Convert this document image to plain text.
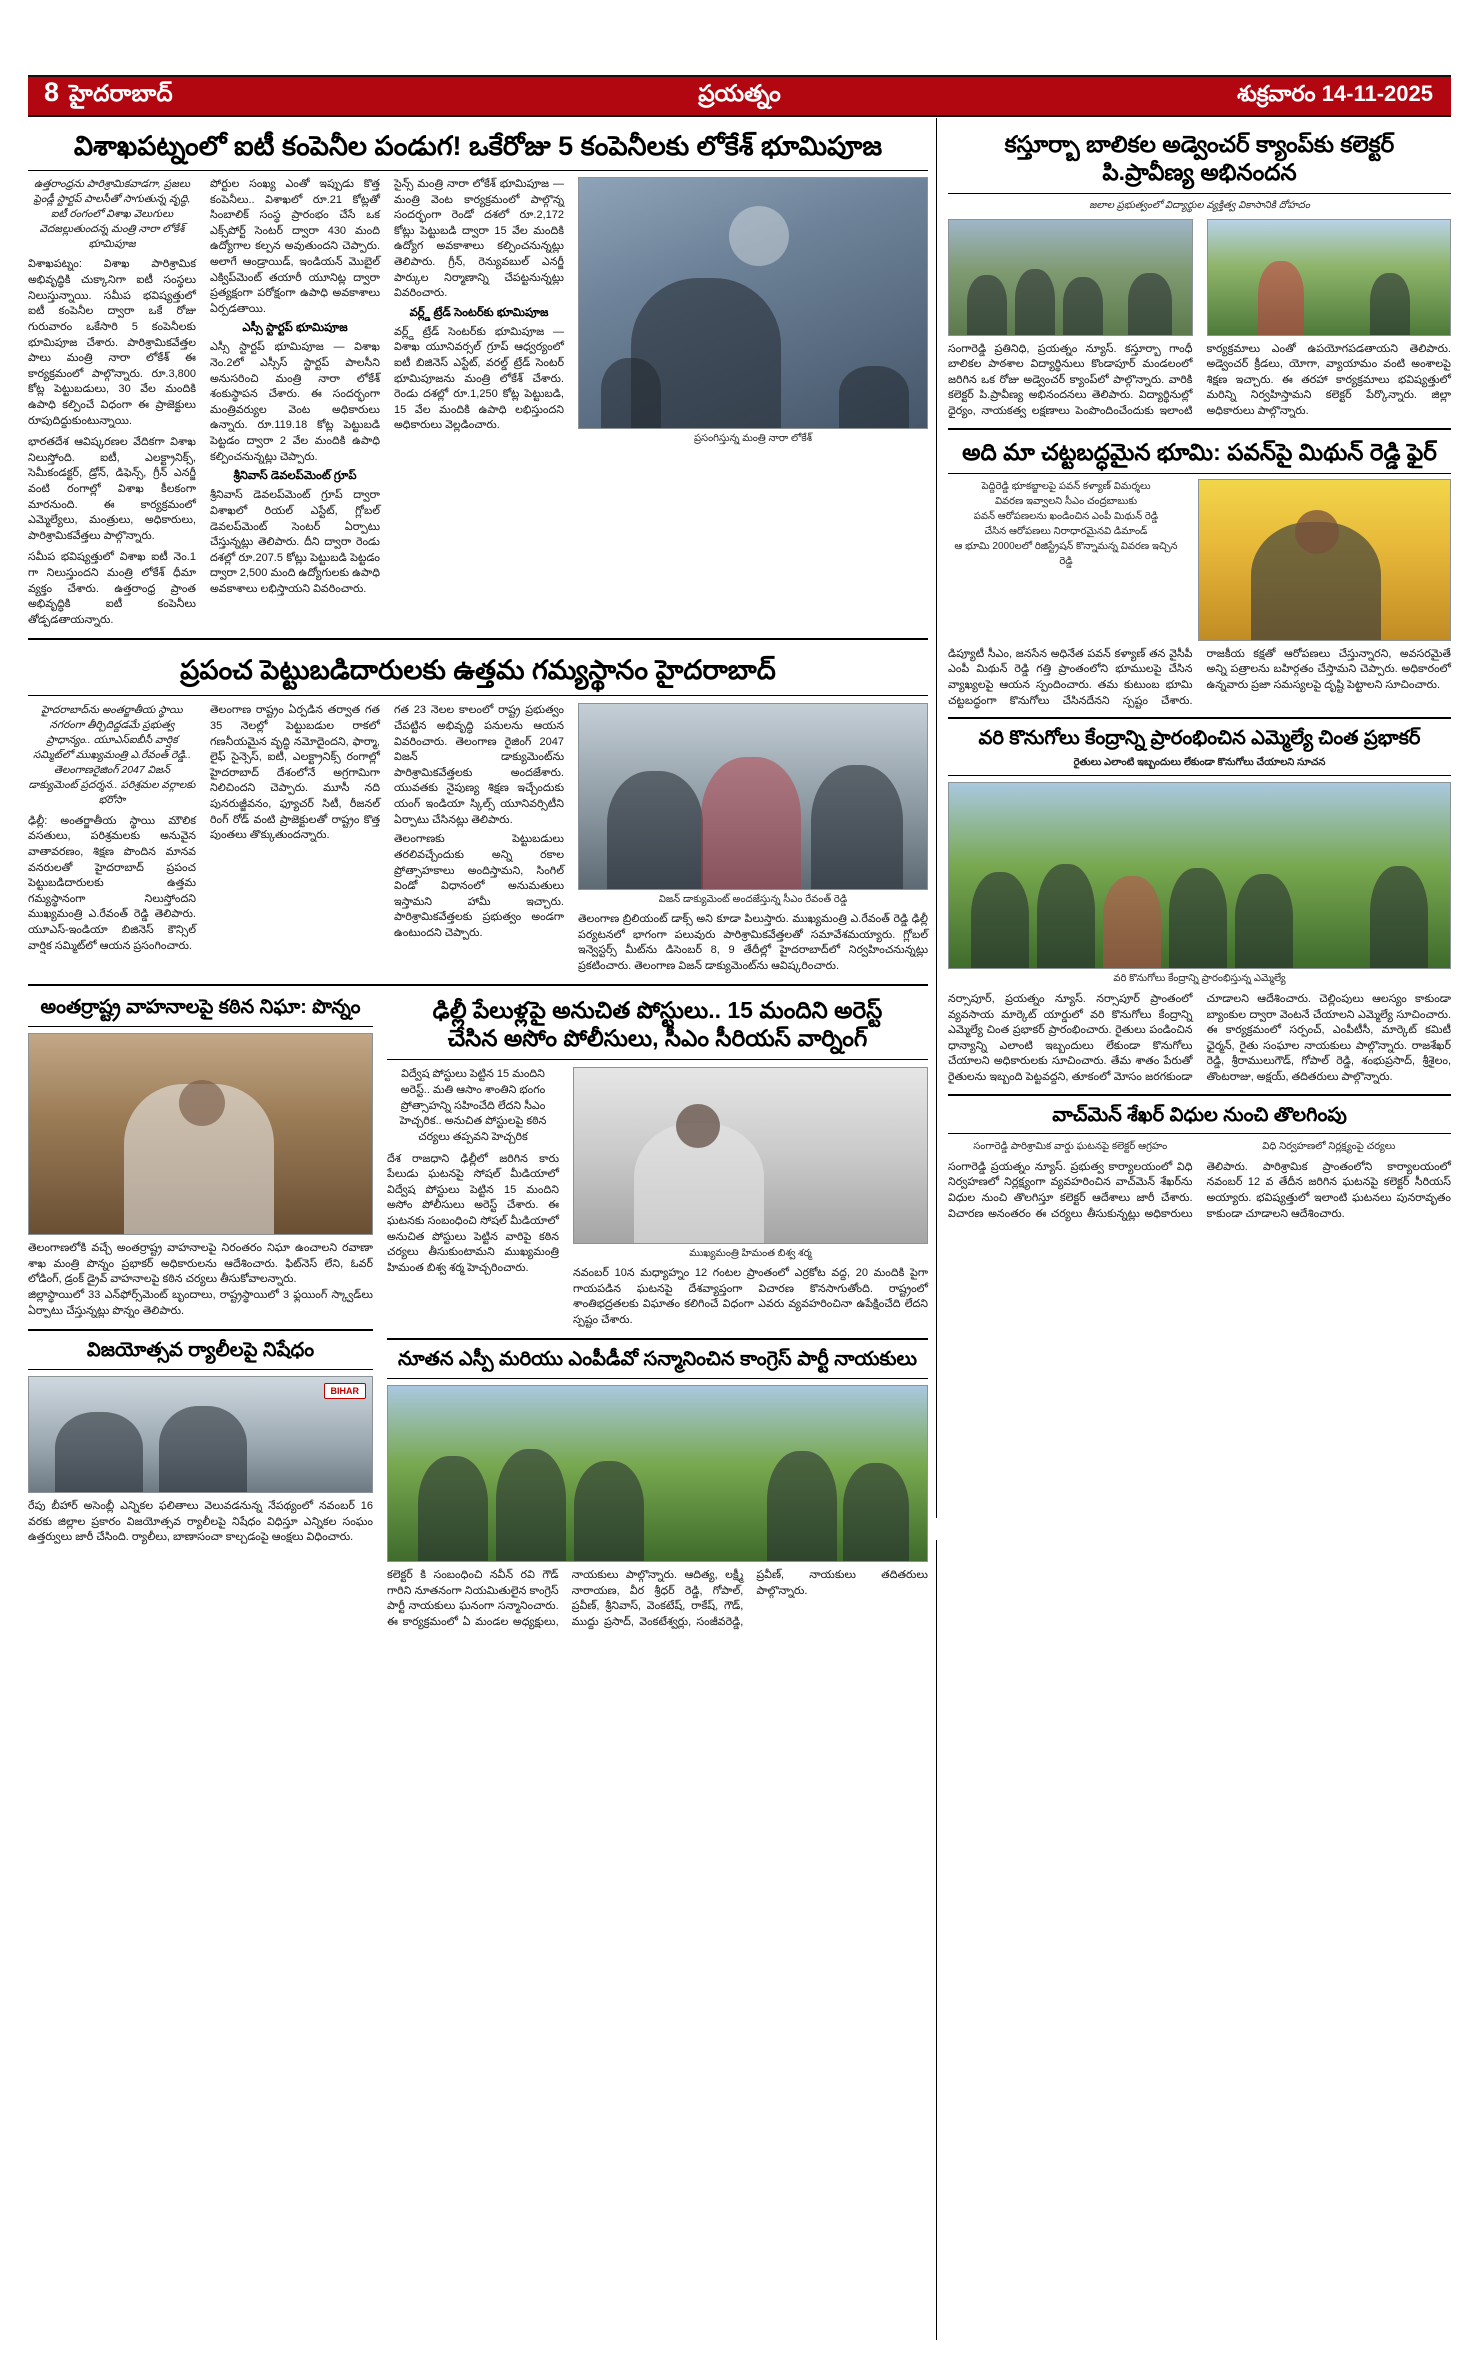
8 హైదరాబాద్	ప్రయత్నం	శుక్రవారం 14-11-2025
విశాఖపట్నంలో ఐటీ కంపెనీల పండుగ! ఒకేరోజు 5 కంపెనీలకు లోకేశ్ భూమిపూజ
ఉత్తరాంధ్రను పారిశ్రామికవాడగా, ప్రజలు ఫ్రెండ్లీ స్టార్టప్‌ పాలసీతో సాగుతున్న వృద్ధి, ఐటీ రంగంలో విశాఖ వెలుగులు వెదజల్లుతుందన్న మంత్రి నారా లోకేశ్ భూమిపూజ
విశాఖపట్నం: విశాఖ పారిశ్రామిక అభివృద్ధికి చుక్కానిగా ఐటీ సంస్థలు నిలుస్తున్నాయి. సమీప భవిష్యత్తులో ఐటీ కంపెనీల ద్వారా ఒకే రోజు గురువారం ఒకేసారి 5 కంపెనీలకు భూమిపూజ చేశారు. పారిశ్రామికవేత్తల పాలు మంత్రి నారా లోకేశ్ ఈ కార్యక్రమంలో పాల్గొన్నారు. రూ.3,800 కోట్ల పెట్టుబడులు, 30 వేల మందికి ఉపాధి కల్పించే విధంగా ఈ ప్రాజెక్టులు రూపుదిద్దుకుంటున్నాయి.
భారతదేశ ఆవిష్కరణల వేదికగా విశాఖ నిలుస్తోంది. ఐటీ, ఎలక్ట్రానిక్స్, సెమీకండక్టర్, డ్రోన్, డిఫెన్స్, గ్రీన్ ఎనర్జీ వంటి రంగాల్లో విశాఖ కీలకంగా మారనుంది. ఈ కార్యక్రమంలో ఎమ్మెల్యేలు, మంత్రులు, అధికారులు, పారిశ్రామికవేత్తలు పాల్గొన్నారు.
సమీప భవిష్యత్తులో విశాఖ ఐటీ నెం.1 గా నిలుస్తుందని మంత్రి లోకేశ్ ధీమా వ్యక్తం చేశారు. ఉత్తరాంధ్ర ప్రాంత అభివృద్ధికి ఐటీ కంపెనీలు తోడ్పడతాయన్నారు.
పోర్టుల సంఖ్య ఎంతో ఇప్పుడు కొత్త కంపెనీలు.. విశాఖలో రూ.21 కోట్లతో సింబాలిక్ సంస్థ ప్రారంభం చేసే ఒక ఎక్స్‌పోర్ట్ సెంటర్ ద్వారా 430 మంది ఉద్యోగాల కల్పన అవుతుందని చెప్పారు. అలాగే ఆండ్రాయిడ్, ఇండియన్ మొబైల్ ఎక్విప్‌మెంట్ తయారీ యూనిట్ల ద్వారా ప్రత్యక్షంగా పరోక్షంగా ఉపాధి అవకాశాలు ఏర్పడతాయి.
ఎస్సీ స్టార్టప్‌ భూమిపూజ
ఎస్సీ స్టార్టప్‌ భూమిపూజ — విశాఖ నెం.2లో ఎస్సీస్ స్టార్టప్ పాలసీని అనుసరించి మంత్రి నారా లోకేశ్ శంకుస్థాపన చేశారు. ఈ సందర్భంగా మంత్రివర్యుల వెంట అధికారులు ఉన్నారు. రూ.119.18 కోట్ల పెట్టుబడి పెట్టడం ద్వారా 2 వేల మందికి ఉపాధి కల్పించనున్నట్లు చెప్పారు.
శ్రీనివాస్ డెవలప్‌మెంట్ గ్రూప్
శ్రీనివాస్ డెవలప్‌మెంట్ గ్రూప్ ద్వారా విశాఖలో రియల్ ఎస్టేట్, గ్లోబల్ డెవలప్‌మెంట్ సెంటర్ ఏర్పాటు చేస్తున్నట్లు తెలిపారు. దీని ద్వారా రెండు దశల్లో రూ.207.5 కోట్లు పెట్టుబడి పెట్టడం ద్వారా 2,500 మంది ఉద్యోగులకు ఉపాధి అవకాశాలు లభిస్తాయని వివరించారు.
సైన్స్ మంత్రి నారా లోకేశ్ భూమిపూజ — మంత్రి వెంట కార్యక్రమంలో పాల్గొన్న సందర్భంగా రెండో దశలో రూ.2,172 కోట్లు పెట్టుబడి ద్వారా 15 వేల మందికి ఉద్యోగ అవకాశాలు కల్పించనున్నట్లు తెలిపారు. గ్రీన్, రెన్యువబుల్ ఎనర్జీ పార్కుల నిర్మాణాన్ని చేపట్టనున్నట్లు వివరించారు.
వర్ల్డ్ ట్రేడ్ సెంటర్‌కు భూమిపూజ
వర్ల్డ్ ట్రేడ్ సెంటర్‌కు భూమిపూజ — విశాఖ యూనివర్సల్ గ్రూప్ ఆధ్వర్యంలో ఐటీ బిజినెస్ ఎస్టేట్, వరల్డ్ ట్రేడ్ సెంటర్ భూమిపూజను మంత్రి లోకేశ్ చేశారు. రెండు దశల్లో రూ.1,250 కోట్ల పెట్టుబడి, 15 వేల మందికి ఉపాధి లభిస్తుందని అధికారులు వెల్లడించారు.
ప్రసంగిస్తున్న మంత్రి నారా లోకేశ్
ప్రపంచ పెట్టుబడిదారులకు ఉత్తమ గమ్యస్థానం హైదరాబాద్
హైదరాబాద్‌ను అంతర్జాతీయ స్థాయి నగరంగా తీర్చిదిద్దడమే ప్రభుత్వ ప్రాధాన్యం.. యూఎస్‌ఐబీసీ వార్షిక సమ్మిట్‌లో ముఖ్యమంత్రి ఎ.రేవంత్ రెడ్డి.. తెలంగాణరైజింగ్ 2047 విజన్ డాక్యుమెంట్ ప్రదర్శన.. పరిశ్రమల వర్గాలకు భరోసా
ఢిల్లీ: అంతర్జాతీయ స్థాయి మౌలిక వసతులు, పరిశ్రమలకు అనువైన వాతావరణం, శిక్షణ పొందిన మానవ వనరులతో హైదరాబాద్ ప్రపంచ పెట్టుబడిదారులకు ఉత్తమ గమ్యస్థానంగా నిలుస్తోందని ముఖ్యమంత్రి ఎ.రేవంత్ రెడ్డి తెలిపారు. యూఎస్-ఇండియా బిజినెస్ కౌన్సిల్ వార్షిక సమ్మిట్‌లో ఆయన ప్రసంగించారు.
తెలంగాణ రాష్ట్రం ఏర్పడిన తర్వాత గత 35 నెలల్లో పెట్టుబడుల రాకలో గణనీయమైన వృద్ధి నమోదైందని, ఫార్మా, లైఫ్ సైన్సెస్, ఐటీ, ఎలక్ట్రానిక్స్ రంగాల్లో హైదరాబాద్ దేశంలోనే అగ్రగామిగా నిలిచిందని చెప్పారు. మూసీ నది పునరుజ్జీవనం, ఫ్యూచర్ సిటీ, రీజనల్ రింగ్ రోడ్ వంటి ప్రాజెక్టులతో రాష్ట్రం కొత్త పుంతలు తొక్కుతుందన్నారు.
గత 23 నెలల కాలంలో రాష్ట్ర ప్రభుత్వం చేపట్టిన అభివృద్ధి పనులను ఆయన వివరించారు. తెలంగాణ రైజింగ్ 2047 విజన్ డాక్యుమెంట్‌ను పారిశ్రామికవేత్తలకు అందజేశారు. యువతకు నైపుణ్య శిక్షణ ఇచ్చేందుకు యంగ్ ఇండియా స్కిల్స్ యూనివర్సిటీని ఏర్పాటు చేసినట్లు తెలిపారు.
తెలంగాణకు పెట్టుబడులు తరలివచ్చేందుకు అన్ని రకాల ప్రోత్సాహకాలు అందిస్తామని, సింగిల్ విండో విధానంలో అనుమతులు ఇస్తామని హామీ ఇచ్చారు. పారిశ్రామికవేత్తలకు ప్రభుత్వం అండగా ఉంటుందని చెప్పారు.
విజన్ డాక్యుమెంట్ అందజేస్తున్న సీఎం రేవంత్ రెడ్డి
తెలంగాణ బ్రిలియంట్ డాక్స్ అని కూడా పిలుస్తారు. ముఖ్యమంత్రి ఎ.రేవంత్ రెడ్డి ఢిల్లీ పర్యటనలో భాగంగా పలువురు పారిశ్రామికవేత్తలతో సమావేశమయ్యారు. గ్లోబల్ ఇన్వెస్టర్స్ మీట్‌ను డిసెంబర్ 8, 9 తేదీల్లో హైదరాబాద్‌లో నిర్వహించనున్నట్లు ప్రకటించారు. తెలంగాణ విజన్ డాక్యుమెంట్‌ను ఆవిష్కరించారు.
అంతర్రాష్ట్ర వాహనాలపై కఠిన నిఘా: పొన్నం
తెలంగాణలోకి వచ్చే అంతర్రాష్ట్ర వాహనాలపై నిరంతరం నిఘా ఉంచాలని రవాణా శాఖ మంత్రి పొన్నం ప్రభాకర్ అధికారులను ఆదేశించారు. ఫిట్‌నెస్ లేని, ఓవర్ లోడింగ్, డ్రంక్ డ్రైవ్ వాహనాలపై కఠిన చర్యలు తీసుకోవాలన్నారు.
జిల్లాస్థాయిలో 33 ఎన్‌ఫోర్స్‌మెంట్ బృందాలు, రాష్ట్రస్థాయిలో 3 ఫ్లయింగ్ స్క్వాడ్‌లు ఏర్పాటు చేస్తున్నట్లు పొన్నం తెలిపారు.
విజయోత్సవ ర్యాలీలపై నిషేధం
BIHAR
రేపు బీహార్ అసెంబ్లీ ఎన్నికల ఫలితాలు వెలువడనున్న నేపథ్యంలో నవంబర్ 16 వరకు జిల్లాల ప్రకారం విజయోత్సవ ర్యాలీలపై నిషేధం విధిస్తూ ఎన్నికల సంఘం ఉత్తర్వులు జారీ చేసింది. ర్యాలీలు, బాణాసంచా కాల్చడంపై ఆంక్షలు విధించారు.
ఢిల్లీ పేలుళ్లపై అనుచిత పోస్టులు.. 15 మందిని అరెస్ట్
చేసిన అసోం పోలీసులు, సీఎం సీరియస్ వార్నింగ్
విద్వేష పోస్టులు పెట్టిన 15 మందిని అరెస్ట్.. మతి ఆసాం శాంతిని భంగం ప్రోత్సాహన్ని సహించేది లేదని సీఎం హెచ్చరిక.. అనుచిత పోస్టులపై కఠిన చర్యలు తప్పవని హెచ్చరిక
దేశ రాజధాని ఢిల్లీలో జరిగిన కారు పేలుడు ఘటనపై సోషల్ మీడియాలో విద్వేష పోస్టులు పెట్టిన 15 మందిని అసోం పోలీసులు అరెస్ట్ చేశారు. ఈ ఘటనకు సంబంధించి సోషల్ మీడియాలో అనుచిత పోస్టులు పెట్టిన వారిపై కఠిన చర్యలు తీసుకుంటామని ముఖ్యమంత్రి హిమంత బిశ్వ శర్మ హెచ్చరించారు.
ముఖ్యమంత్రి హిమంత బిశ్వ శర్మ
నవంబర్ 10న మధ్యాహ్నం 12 గంటల ప్రాంతంలో ఎర్రకోట వద్ద, 20 మందికి పైగా గాయపడిన ఘటనపై దేశవ్యాప్తంగా విచారణ కొనసాగుతోంది. రాష్ట్రంలో శాంతిభద్రతలకు విఘాతం కలిగించే విధంగా ఎవరు వ్యవహరించినా ఉపేక్షించేది లేదని స్పష్టం చేశారు.
నూతన ఎస్పీ మరియు ఎంపీడీవో సన్మానించిన కాంగ్రెస్ పార్టీ నాయకులు
కలెక్టర్ కి సంబంధించి నవీన్ రవి గౌడ్ గారిని నూతనంగా నియమితులైన కాంగ్రెస్ పార్టీ నాయకులు ఘనంగా సన్మానించారు. ఈ కార్యక్రమంలో ఏ మండల అధ్యక్షులు, నాయకులు పాల్గొన్నారు. ఆదిత్య, లక్ష్మీ నారాయణ, వీర శ్రీధర్ రెడ్డి, గోపాల్, ప్రవీణ్, శ్రీనివాస్, వెంకటేష్, రాకేష్, గౌడ్, ముద్దు ప్రసాద్, వెంకటేశ్వర్లు, సంజీవరెడ్డి, ప్రవీణ్, నాయకులు తదితరులు పాల్గొన్నారు.
కస్తూర్బా బాలికల అడ్వెంచర్ క్యాంప్‌కు కలెక్టర్
పి.ప్రావీణ్య అభినందన
జలాల ప్రభుత్వంలో విద్యార్థుల వ్యక్తిత్వ వికాసానికి దోహదం
సంగారెడ్డి ప్రతినిధి, ప్రయత్నం న్యూస్. కస్తూర్బా గాంధీ బాలికల పాఠశాల విద్యార్థినులు కొండాపూర్ మండలంలో జరిగిన ఒక రోజు అడ్వెంచర్ క్యాంప్‌లో పాల్గొన్నారు. వారికి కలెక్టర్ పి.ప్రావీణ్య అభినందనలు తెలిపారు. విద్యార్థినుల్లో ధైర్యం, నాయకత్వ లక్షణాలు పెంపొందించేందుకు ఇలాంటి కార్యక్రమాలు ఎంతో ఉపయోగపడతాయని తెలిపారు. అడ్వెంచర్ క్రీడలు, యోగా, వ్యాయామం వంటి అంశాలపై శిక్షణ ఇచ్చారు. ఈ తరహా కార్యక్రమాలు భవిష్యత్తులో మరిన్ని నిర్వహిస్తామని కలెక్టర్ పేర్కొన్నారు. జిల్లా అధికారులు పాల్గొన్నారు.
అది మా చట్టబద్ధమైన భూమి: పవన్‌పై మిథున్ రెడ్డి ఫైర్
పెద్దిరెడ్డి భూకబ్జాలపై పవన్ కళ్యాణ్ విమర్శలు
వివరణ ఇవ్వాలని సీఎం చంద్రబాబుకు
పవన్ ఆరోపణలను ఖండించిన ఎంపీ మిథున్ రెడ్డి
చేసిన ఆరోపణలు నిరాధారమైనవి డిమాండ్
ఆ భూమి 2000లలో రిజిస్ట్రేషన్ కొన్నామన్న వివరణ ఇచ్చిన రెడ్డి
డిప్యూటీ సీఎం, జనసేన అధినేత పవన్ కళ్యాణ్ తన వైసీపీ ఎంపీ మిథున్ రెడ్డి గత్తి ప్రాంతంలోని భూములపై చేసిన వ్యాఖ్యలపై ఆయన స్పందించారు. తమ కుటుంబ భూమి చట్టబద్ధంగా కొనుగోలు చేసినదేనని స్పష్టం చేశారు. రాజకీయ కక్షతో ఆరోపణలు చేస్తున్నారని, అవసరమైతే అన్ని పత్రాలను బహిర్గతం చేస్తామని చెప్పారు. అధికారంలో ఉన్నవారు ప్రజా సమస్యలపై దృష్టి పెట్టాలని సూచించారు.
వరి కొనుగోలు కేంద్రాన్ని ప్రారంభించిన ఎమ్మెల్యే చింత ప్రభాకర్
రైతులు ఎలాంటి ఇబ్బందులు లేకుండా కొనుగోలు చేయాలని సూచన
వరి కొనుగోలు కేంద్రాన్ని ప్రారంభిస్తున్న ఎమ్మెల్యే
నర్సాపూర్, ప్రయత్నం న్యూస్. నర్సాపూర్ ప్రాంతంలో వ్యవసాయ మార్కెట్ యార్డులో వరి కొనుగోలు కేంద్రాన్ని ఎమ్మెల్యే చింత ప్రభాకర్ ప్రారంభించారు. రైతులు పండించిన ధాన్యాన్ని ఎలాంటి ఇబ్బందులు లేకుండా కొనుగోలు చేయాలని అధికారులకు సూచించారు. తేమ శాతం పేరుతో రైతులను ఇబ్బంది పెట్టవద్దని, తూకంలో మోసం జరగకుండా చూడాలని ఆదేశించారు. చెల్లింపులు ఆలస్యం కాకుండా బ్యాంకుల ద్వారా వెంటనే చేయాలని ఎమ్మెల్యే సూచించారు. ఈ కార్యక్రమంలో సర్పంచ్, ఎంపీటీసీ, మార్కెట్ కమిటీ ఛైర్మన్, రైతు సంఘాల నాయకులు పాల్గొన్నారు. రాజశేఖర్ రెడ్డి, శ్రీరాములుగౌడ్, గోపాల్ రెడ్డి, శంభుప్రసాద్, శ్రీశైలం, తొంటరాజు, అక్షయ్, తదితరులు పాల్గొన్నారు.
వాచ్‌మెన్ శేఖర్ విధుల నుంచి తొలగింపు
సంగారెడ్డి పారిశ్రామిక వార్డు ఘటనపై కలెక్టర్ ఆగ్రహం	విధి నిర్వహణలో నిర్లక్ష్యంపై చర్యలు
సంగారెడ్డి ప్రయత్నం న్యూస్. ప్రభుత్వ కార్యాలయంలో విధి నిర్వహణలో నిర్లక్ష్యంగా వ్యవహరించిన వాచ్‌మెన్ శేఖర్‌ను విధుల నుంచి తొలగిస్తూ కలెక్టర్ ఆదేశాలు జారీ చేశారు. విచారణ అనంతరం ఈ చర్యలు తీసుకున్నట్లు అధికారులు తెలిపారు. పారిశ్రామిక ప్రాంతంలోని కార్యాలయంలో నవంబర్ 12 వ తేదీన జరిగిన ఘటనపై కలెక్టర్ సీరియస్ అయ్యారు. భవిష్యత్తులో ఇలాంటి ఘటనలు పునరావృతం కాకుండా చూడాలని ఆదేశించారు.
